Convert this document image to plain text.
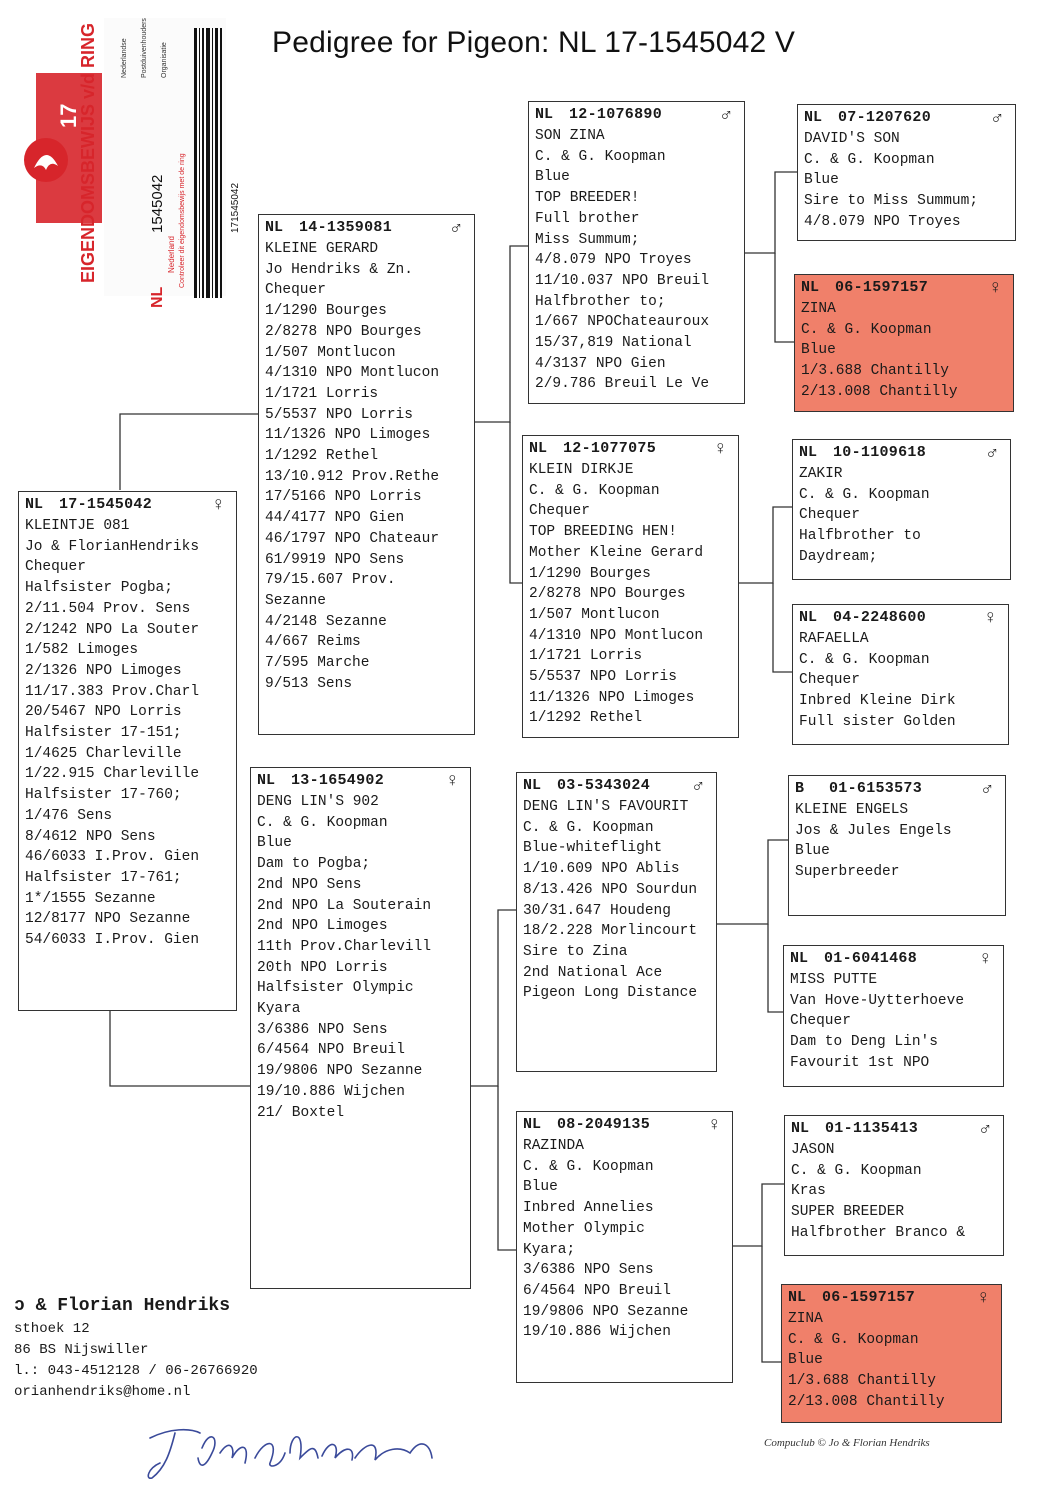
Pedigree for Pigeon: NL 17-1545042 V
EIGENDOMSBEWIJS v/d RING
20
17
NL
1545042
Nederland Controleer dit eigendomsbewijs met de ring
Nederlandse Postduivenhouders Organisatie
171545042
NL	17-1545042	♀
KLEINTJE 081
Jo & FlorianHendriks
Chequer
Halfsister Pogba;
2/11.504 Prov. Sens
2/1242 NPO La Souter
1/582 Limoges
2/1326 NPO Limoges
11/17.383 Prov.Charl
20/5467 NPO Lorris
Halfsister 17-151;
1/4625 Charleville
1/22.915 Charleville
Halfsister 17-760;
1/476 Sens
8/4612 NPO Sens
46/6033 I.Prov. Gien
Halfsister 17-761;
1*/1555 Sezanne
12/8177 NPO Sezanne
54/6033 I.Prov. Gien
NL	14-1359081	♂
KLEINE GERARD
Jo Hendriks & Zn.
Chequer
1/1290 Bourges
2/8278 NPO Bourges
1/507 Montlucon
4/1310 NPO Montlucon
1/1721 Lorris
5/5537 NPO Lorris
11/1326 NPO Limoges
1/1292 Rethel
13/10.912 Prov.Rethe
17/5166 NPO Lorris
44/4177 NPO Gien
46/1797 NPO Chateaur
61/9919 NPO Sens
79/15.607 Prov.
Sezanne
4/2148 Sezanne
4/667 Reims
7/595 Marche
9/513 Sens
NL	13-1654902	♀
DENG LIN'S 902
C. & G. Koopman
Blue
Dam to Pogba;
2nd NPO Sens
2nd NPO La Souterain
2nd NPO Limoges
11th Prov.Charlevill
20th NPO Lorris
Halfsister Olympic
Kyara
3/6386 NPO Sens
6/4564 NPO Breuil
19/9806 NPO Sezanne
19/10.886 Wijchen
21/ Boxtel
NL	12-1076890	♂
SON ZINA
C. & G. Koopman
Blue
TOP BREEDER!
Full brother
Miss Summum;
4/8.079 NPO Troyes
11/10.037 NPO Breuil
Halfbrother to;
1/667 NPOChateauroux
15/37,819 National
4/3137 NPO Gien
2/9.786 Breuil Le Ve
NL	12-1077075	♀
KLEIN DIRKJE
C. & G. Koopman
Chequer
TOP BREEDING HEN!
Mother Kleine Gerard
1/1290 Bourges
2/8278 NPO Bourges
1/507 Montlucon
4/1310 NPO Montlucon
1/1721 Lorris
5/5537 NPO Lorris
11/1326 NPO Limoges
1/1292 Rethel
NL	03-5343024	♂
DENG LIN'S FAVOURIT
C. & G. Koopman
Blue-whiteflight
1/10.609 NPO Ablis
8/13.426 NPO Sourdun
30/31.647 Houdeng
18/2.228 Morlincourt
Sire to Zina
2nd National Ace
Pigeon Long Distance
NL	08-2049135	♀
RAZINDA
C. & G. Koopman
Blue
Inbred Annelies
Mother Olympic
Kyara;
3/6386 NPO Sens
6/4564 NPO Breuil
19/9806 NPO Sezanne
19/10.886 Wijchen
NL	07-1207620	♂
DAVID'S SON
C. & G. Koopman
Blue
Sire to Miss Summum;
4/8.079 NPO Troyes
NL	06-1597157	♀
ZINA
C. & G. Koopman
Blue
1/3.688 Chantilly
2/13.008 Chantilly
NL	10-1109618	♂
ZAKIR
C. & G. Koopman
Chequer
Halfbrother to
Daydream;
NL	04-2248600	♀
RAFAELLA
C. & G. Koopman
Chequer
Inbred Kleine Dirk
Full sister Golden
B	01-6153573	♂
KLEINE ENGELS
Jos & Jules Engels
Blue
Superbreeder
NL	01-6041468	♀
MISS PUTTE
Van Hove-Uytterhoeve
Chequer
Dam to Deng Lin's
Favourit 1st NPO
NL	01-1135413	♂
JASON
C. & G. Koopman
Kras
SUPER BREEDER
Halfbrother Branco &
NL	06-1597157	♀
ZINA
C. & G. Koopman
Blue
1/3.688 Chantilly
2/13.008 Chantilly
ɔ & Florian Hendriks
sthoek 12
86 BS Nijswiller
l.: 043-4512128 / 06-26766920
orianhendriks@home.nl
Compuclub © Jo & Florian Hendriks
